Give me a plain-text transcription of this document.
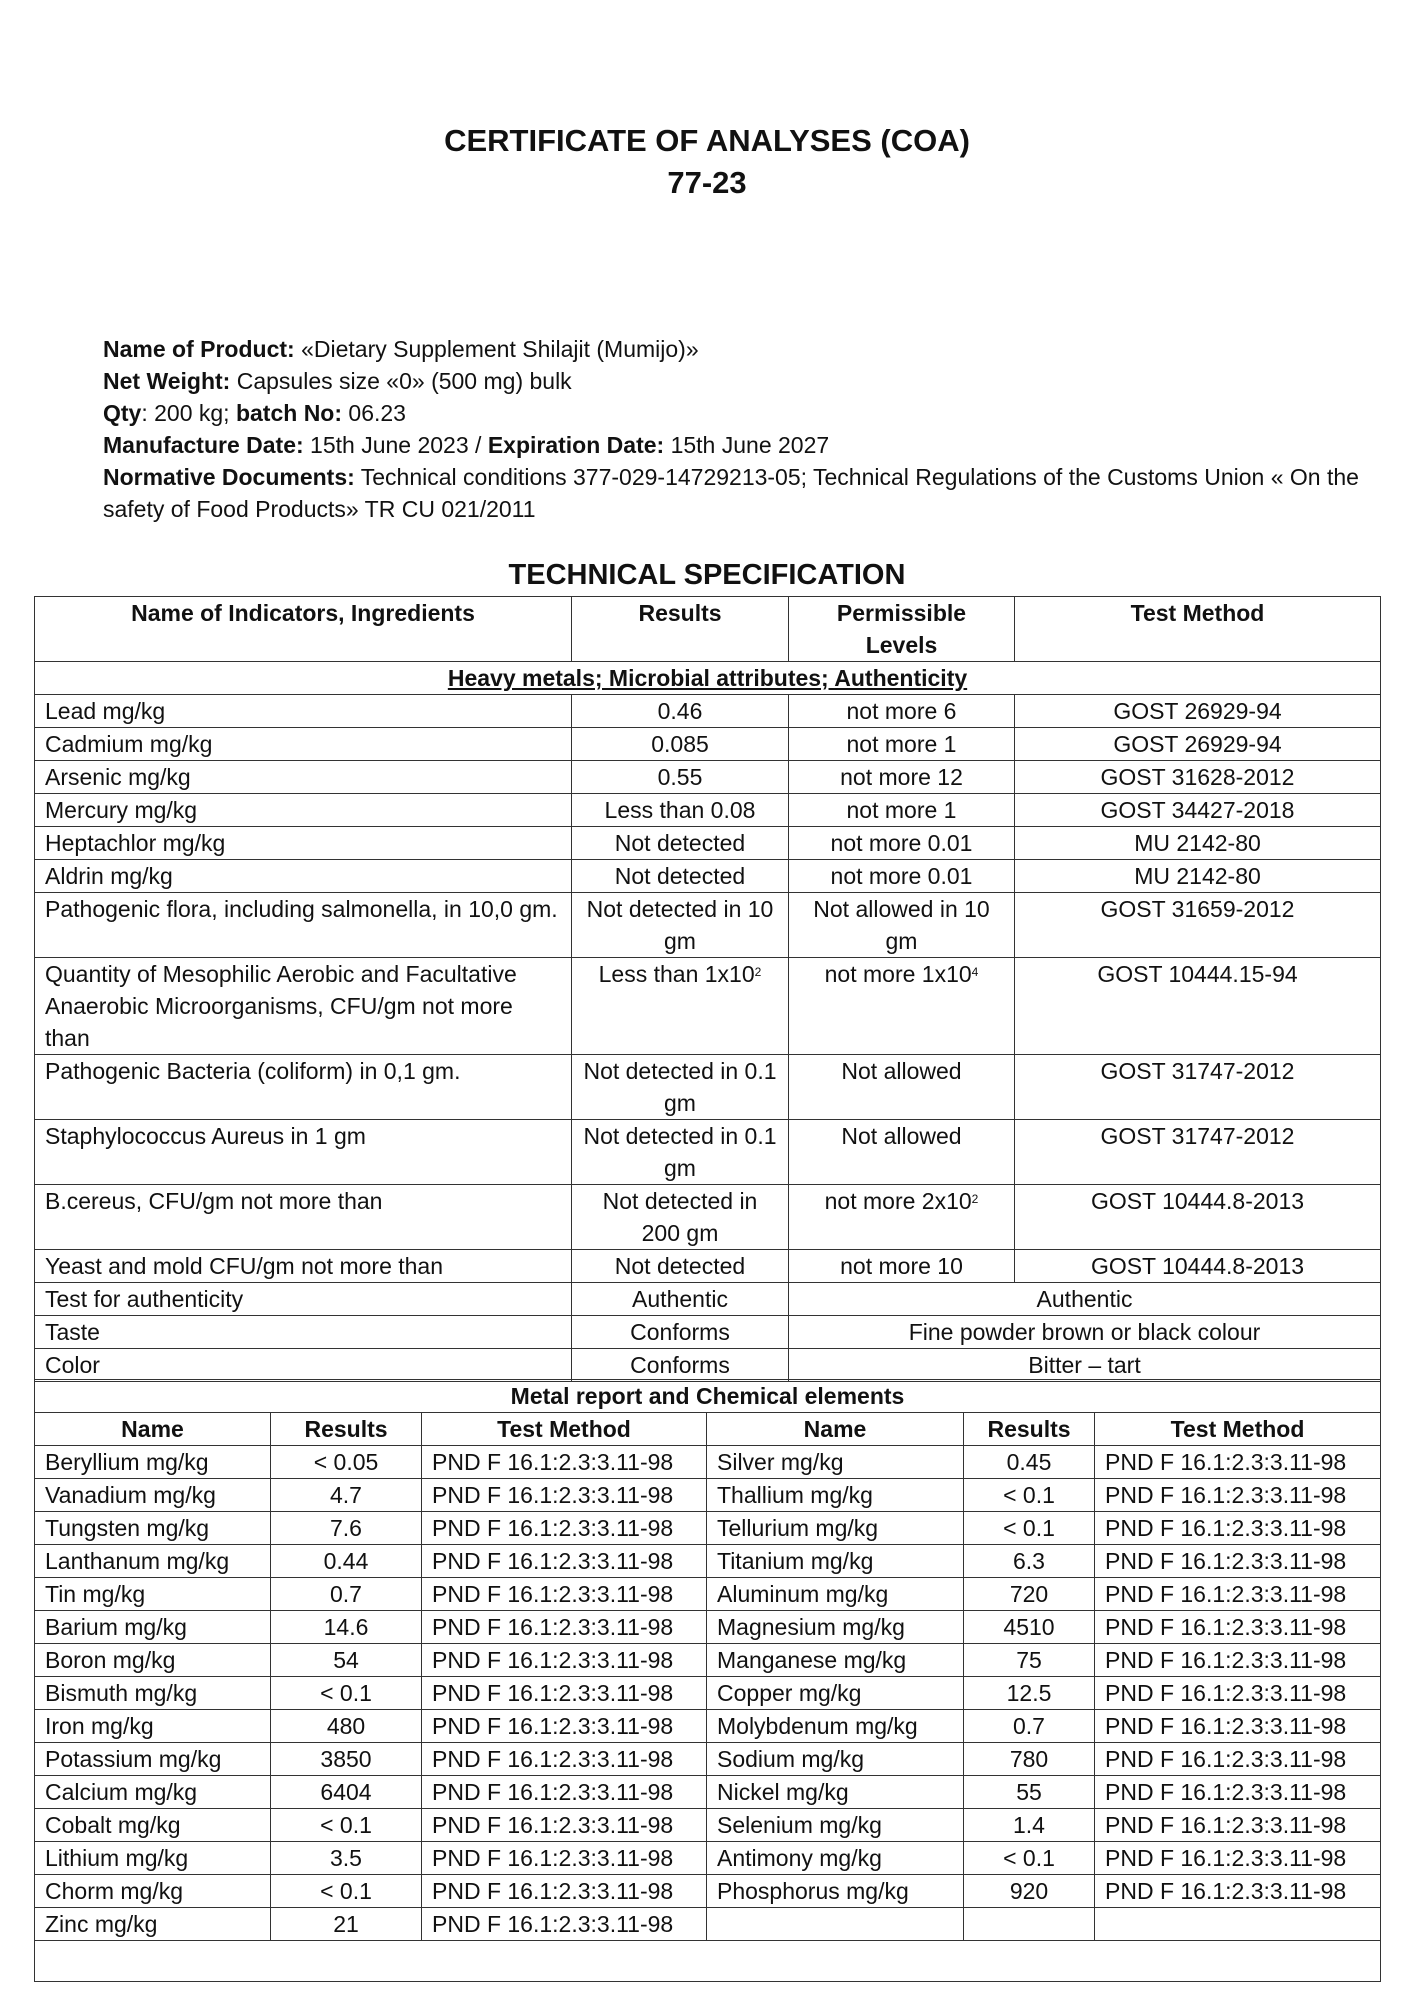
CERTIFICATE OF ANALYSES (COA)
77-23

Name of Product: «Dietary Supplement Shilajit (Mumijo)»

Net Weight: Capsules size «0» (500 mg) bulk

Qty: 200 kg; batch No: 06.23

Manufacture Date: 15th June 2023 / Expiration Date: 15th June 2027

Normative Documents: Technical conditions 377-029-14729213-05; Technical Regulations of the Customs Union « On the safety of Food Products» TR CU 021/2011

TECHNICAL SPECIFICATION
Name of Indicators, Ingredients	Results	Permissible Levels	Test Method
Heavy metals; Microbial attributes; Authenticity			
Lead mg/kg	0.46	not more 6	GOST 26929-94
Cadmium mg/kg	0.085	not more 1	GOST 26929-94
Arsenic mg/kg	0.55	not more 12	GOST 31628-2012
Mercury mg/kg	Less than 0.08	not more 1	GOST 34427-2018
Heptachlor mg/kg	Not detected	not more 0.01	MU 2142-80
Aldrin mg/kg	Not detected	not more 0.01	MU 2142-80
Pathogenic flora, including salmonella, in 10,0 gm.	Not detected in 10 gm	Not allowed in 10 gm	GOST 31659-2012
Quantity of Mesophilic Aerobic and Facultative Anaerobic Microorganisms, CFU/gm not more than	Less than $1x10^2$	not more $1x10^4$	GOST 10444.15-94
Pathogenic Bacteria (coliform) in 0,1 gm.	Not detected in 0.1 gm	Not allowed	GOST 31747-2012
Staphylococcus Aureus in 1 gm	Not detected in 0.1 gm	Not allowed	GOST 31747-2012
B.cereus, CFU/gm not more than	Not detected in 200 gm	not more $2x10^2$	GOST 10444.8-2013
Yeast and mold CFU/gm not more than	Not detected	not more 10	GOST 10444.8-2013
Test for authenticity	Authentic	Authentic	
Taste	Conforms	Fine powder brown or black colour	
Color	Conforms	Bitter – tart	
Metal report and Chemical elements					
Name	Results	Test Method	Name	Results	Test Method
Beryllium mg/kg	< 0.05	PND F 16.1:2.3:3.11-98	Silver mg/kg	0.45	PND F 16.1:2.3:3.11-98
Vanadium mg/kg	4.7	PND F 16.1:2.3:3.11-98	Thallium mg/kg	< 0.1	PND F 16.1:2.3:3.11-98
Tungsten mg/kg	7.6	PND F 16.1:2.3:3.11-98	Tellurium mg/kg	< 0.1	PND F 16.1:2.3:3.11-98
Lanthanum mg/kg	0.44	PND F 16.1:2.3:3.11-98	Titanium mg/kg	6.3	PND F 16.1:2.3:3.11-98
Tin mg/kg	0.7	PND F 16.1:2.3:3.11-98	Aluminum mg/kg	720	PND F 16.1:2.3:3.11-98
Barium mg/kg	14.6	PND F 16.1:2.3:3.11-98	Magnesium mg/kg	4510	PND F 16.1:2.3:3.11-98
Boron mg/kg	54	PND F 16.1:2.3:3.11-98	Manganese mg/kg	75	PND F 16.1:2.3:3.11-98
Bismuth mg/kg	< 0.1	PND F 16.1:2.3:3.11-98	Copper mg/kg	12.5	PND F 16.1:2.3:3.11-98
Iron mg/kg	480	PND F 16.1:2.3:3.11-98	Molybdenum mg/kg	0.7	PND F 16.1:2.3:3.11-98
Potassium mg/kg	3850	PND F 16.1:2.3:3.11-98	Sodium mg/kg	780	PND F 16.1:2.3:3.11-98
Calcium mg/kg	6404	PND F 16.1:2.3:3.11-98	Nickel mg/kg	55	PND F 16.1:2.3:3.11-98
Cobalt mg/kg	< 0.1	PND F 16.1:2.3:3.11-98	Selenium mg/kg	1.4	PND F 16.1:2.3:3.11-98
Lithium mg/kg	3.5	PND F 16.1:2.3:3.11-98	Antimony mg/kg	< 0.1	PND F 16.1:2.3:3.11-98
Chorm mg/kg	< 0.1	PND F 16.1:2.3:3.11-98	Phosphorus mg/kg	920	PND F 16.1:2.3:3.11-98
Zinc mg/kg	21	PND F 16.1:2.3:3.11-98			
